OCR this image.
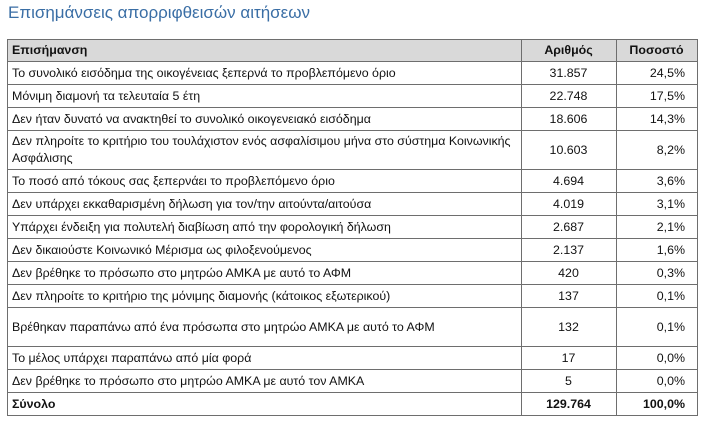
Επισημάνσεις απορριφθεισών αιτήσεων
Επισήμανση	Αριθμός	Ποσοστό
Το συνολικό εισόδημα της οικογένειας ξεπερνά το προβλεπόμενο όριο	31.857	24,5%
Μόνιμη διαμονή τα τελευταία 5 έτη	22.748	17,5%
Δεν ήταν δυνατό να ανακτηθεί το συνολικό οικογενειακό εισόδημα	18.606	14,3%
Δεν πληροίτε το κριτήριο του τουλάχιστον ενός ασφαλίσιμου μήνα στο σύστημα Κοινωνικής Ασφάλισης	10.603	8,2%
Το ποσό από τόκους σας ξεπερνάει το προβλεπόμενο όριο	4.694	3,6%
Δεν υπάρχει εκκαθαρισμένη δήλωση για τον/την αιτούντα/αιτούσα	4.019	3,1%
Υπάρχει ένδειξη για πολυτελή διαβίωση από την φορολογική δήλωση	2.687	2,1%
Δεν δικαιούστε Κοινωνικό Μέρισμα ως φιλοξενούμενος	2.137	1,6%
Δεν βρέθηκε το πρόσωπο στο μητρώο ΑΜΚΑ με αυτό το ΑΦΜ	420	0,3%
Δεν πληροίτε το κριτήριο της μόνιμης διαμονής (κάτοικος εξωτερικού)	137	0,1%
Βρέθηκαν παραπάνω από ένα πρόσωπα στο μητρώο ΑΜΚΑ με αυτό το ΑΦΜ	132	0,1%
Το μέλος υπάρχει παραπάνω από μία φορά	17	0,0%
Δεν βρέθηκε το πρόσωπο στο μητρώο ΑΜΚΑ με αυτό τον ΑΜΚΑ	5	0,0%
Σύνολο	129.764	100,0%
